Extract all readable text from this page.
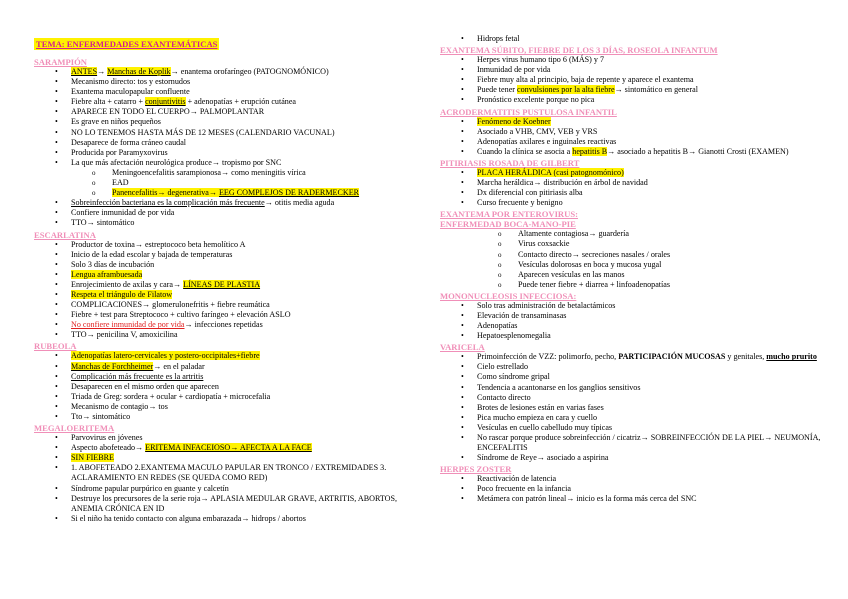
TEMA: ENFERMEDADES EXANTEMÁTICAS
SARAMPIÓN
• ANTES→ Manchas de Koplik→ enantema orofaríngeo (PATOGNOMÓNICO)
• Mecanismo directo: tos y estornudos
• Exantema maculopapular confluente
• Fiebre alta + catarro + conjuntivitis + adenopatías + erupción cutánea
• APARECE EN TODO EL CUERPO→ PALMOPLANTAR
• Es grave en niños pequeños
• NO LO TENEMOS HASTA MÁS DE 12 MESES (CALENDARIO VACUNAL)
• Desaparece de forma cráneo caudal
• Producida por Paramyxovirus
• La que más afectación neurológica produce→ tropismo por SNC
o Meningoencefalitis sarampionosa→ como meningitis vírica
o EAD
o Panencefalitis→ degenerativa→ EEG COMPLEJOS DE RADERMECKER
• Sobreinfección bacteriana es la complicación más frecuente→ otitis media aguda
• Confiere inmunidad de por vida
• TTO→ sintomático
ESCARLATINA
• Productor de toxina→ estreptococo beta hemolítico A
• Inicio de la edad escolar y bajada de temperaturas
• Solo 3 días de incubación
• Lengua aframbuesada
• Enrojecimiento de axilas y cara→ LÍNEAS DE PLASTIA
• Respeta el triángulo de Filatow
• COMPLICACIONES→ glomerulonefritis + fiebre reumática
• Fiebre + test para Streptococo + cultivo faríngeo + elevación ASLO
• No confiere inmunidad de por vida→ infecciones repetidas
• TTO→ penicilina V, amoxicilina
RUBEOLA
• Adenopatías latero-cervicales y postero-occipitales+fiebre
• Manchas de Forchheimer→ en el paladar
• Complicación más frecuente es la artritis
• Desaparecen en el mismo orden que aparecen
• Triada de Greg: sordera + ocular + cardiopatía + microcefalia
• Mecanismo de contagio→ tos
• Tto→ sintomático
MEGALOERITEMA
• Parvovirus en jóvenes
• Aspecto abofeteado→ ERITEMA INFACEIOSO→ AFECTA A LA FACE
• SIN FIEBRE
• 1. ABOFETEADO 2.EXANTEMA MACULO PAPULAR EN TRONCO / EXTREMIDADES 3. ACLARAMIENTO EN REDES (SE QUEDA COMO RED)
• Síndrome papular purpúrico en guante y calcetín
• Destruye los precursores de la serie roja→ APLASIA MEDULAR GRAVE, ARTRITIS, ABORTOS, ANEMIA CRÓNICA EN ID
• Si el niño ha tenido contacto con alguna embarazada→ hidrops / abortos
• Hidrops fetal
EXANTEMA SÚBITO, FIEBRE DE LOS 3 DÍAS, ROSEOLA INFANTUM
• Herpes virus humano tipo 6 (MÁS) y 7
• Inmunidad de por vida
• Fiebre muy alta al principio, baja de repente y aparece el exantema
• Puede tener convulsiones por la alta fiebre→ sintomático en general
• Pronóstico excelente porque no pica
ACRODERMATITIS PUSTULOSA INFANTIL
• Fenómeno de Koebner
• Asociado a VHB, CMV, VEB y VRS
• Adenopatías axilares e inguinales reactivas
• Cuando la clínica se asocia a hepatitis B→ asociado a hepatitis B→ Gianotti Crosti (EXAMEN)
PITIRIASIS ROSADA DE GILBERT
• PLACA HERÁLDICA (casi patognomónico)
• Marcha heráldica→ distribución en árbol de navidad
• Dx diferencial con pitiriasis alba
• Curso frecuente y benigno
EXANTEMA POR ENTEROVIRUS:
ENFERMEDAD BOCA-MANO-PIE
o Altamente contagiosa→ guardería
o Virus coxsackie
o Contacto directo→ secreciones nasales / orales
o Vesículas dolorosas en boca y mucosa yugal
o Aparecen vesículas en las manos
o Puede tener fiebre + diarrea + linfoadenopatías
MONONUCLEOSIS INFECCIOSA:
• Solo tras administración de betalactámicos
• Elevación de transaminasas
• Adenopatías
• Hepatoesplenomegalia
VARICELA
• Primoinfección de VZZ: polimorfo, pecho, PARTICIPACIÓN MUCOSAS y genitales, mucho prurito
• Cielo estrellado
• Como síndrome gripal
• Tendencia a acantonarse en los ganglios sensitivos
• Contacto directo
• Brotes de lesiones están en varias fases
• Pica mucho empieza en cara y cuello
• Vesículas en cuello cabelludo muy típicas
• No rascar porque produce sobreinfección / cicatriz→ SOBREINFECCIÓN DE LA PIEL→ NEUMONÍA, ENCEFALITIS
• Síndrome de Reye→ asociado a aspirina
HERPES ZOSTER
• Reactivación de latencia
• Poco frecuente en la infancia
• Metámera con patrón lineal→ inicio es la forma más cerca del SNC
